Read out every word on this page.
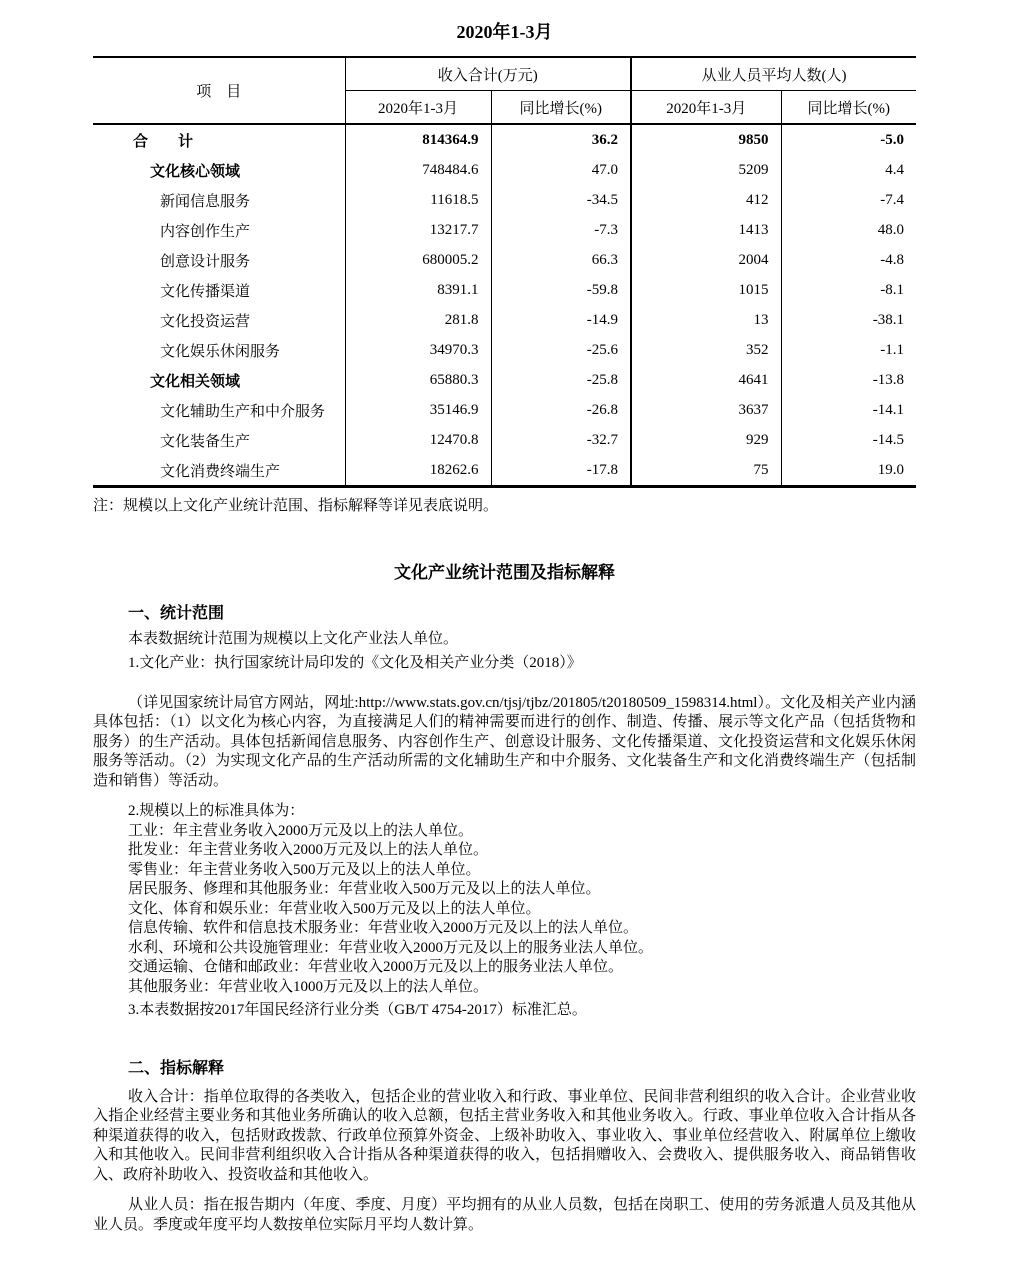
2020年1-3月
项　目	收入合计(万元)		从业人员平均人数(人)	
	2020年1-3月	同比增长(%)	2020年1-3月	同比增长(%)
合　　计	814364.9	36.2	9850	-5.0
文化核心领域	748484.6	47.0	5209	4.4
新闻信息服务	11618.5	-34.5	412	-7.4
内容创作生产	13217.7	-7.3	1413	48.0
创意设计服务	680005.2	66.3	2004	-4.8
文化传播渠道	8391.1	-59.8	1015	-8.1
文化投资运营	281.8	-14.9	13	-38.1
文化娱乐休闲服务	34970.3	-25.6	352	-1.1
文化相关领域	65880.3	-25.8	4641	-13.8
文化辅助生产和中介服务	35146.9	-26.8	3637	-14.1
文化装备生产	12470.8	-32.7	929	-14.5
文化消费终端生产	18262.6	-17.8	75	19.0

注：规模以上文化产业统计范围、指标解释等详见表底说明。

文化产业统计范围及指标解释
一、统计范围

本表数据统计范围为规模以上文化产业法人单位。

1.文化产业：执行国家统计局印发的《文化及相关产业分类（2018）》

（详见国家统计局官方网站，网址:http://www.stats.gov.cn/tjsj/tjbz/201805/t20180509_1598314.html）。文化及相关产业内涵具体包括：（1）以文化为核心内容，为直接满足人们的精神需要而进行的创作、制造、传播、展示等文化产品（包括货物和服务）的生产活动。具体包括新闻信息服务、内容创作生产、创意设计服务、文化传播渠道、文化投资运营和文化娱乐休闲服务等活动。（2）为实现文化产品的生产活动所需的文化辅助生产和中介服务、文化装备生产和文化消费终端生产（包括制造和销售）等活动。

2.规模以上的标准具体为：

工业：年主营业务收入2000万元及以上的法人单位。

批发业：年主营业务收入2000万元及以上的法人单位。

零售业：年主营业务收入500万元及以上的法人单位。

居民服务、修理和其他服务业：年营业收入500万元及以上的法人单位。

文化、体育和娱乐业：年营业收入500万元及以上的法人单位。

信息传输、软件和信息技术服务业：年营业收入2000万元及以上的法人单位。

水利、环境和公共设施管理业：年营业收入2000万元及以上的服务业法人单位。

交通运输、仓储和邮政业：年营业收入2000万元及以上的服务业法人单位。

其他服务业：年营业收入1000万元及以上的法人单位。

3.本表数据按2017年国民经济行业分类（GB/T 4754-2017）标准汇总。

二、指标解释

收入合计：指单位取得的各类收入，包括企业的营业收入和行政、事业单位、民间非营利组织的收入合计。企业营业收入指企业经营主要业务和其他业务所确认的收入总额，包括主营业务收入和其他业务收入。行政、事业单位收入合计指从各种渠道获得的收入，包括财政拨款、行政单位预算外资金、上级补助收入、事业收入、事业单位经营收入、附属单位上缴收入和其他收入。民间非营利组织收入合计指从各种渠道获得的收入，包括捐赠收入、会费收入、提供服务收入、商品销售收入、政府补助收入、投资收益和其他收入。

从业人员：指在报告期内（年度、季度、月度）平均拥有的从业人员数，包括在岗职工、使用的劳务派遣人员及其他从业人员。季度或年度平均人数按单位实际月平均人数计算。
